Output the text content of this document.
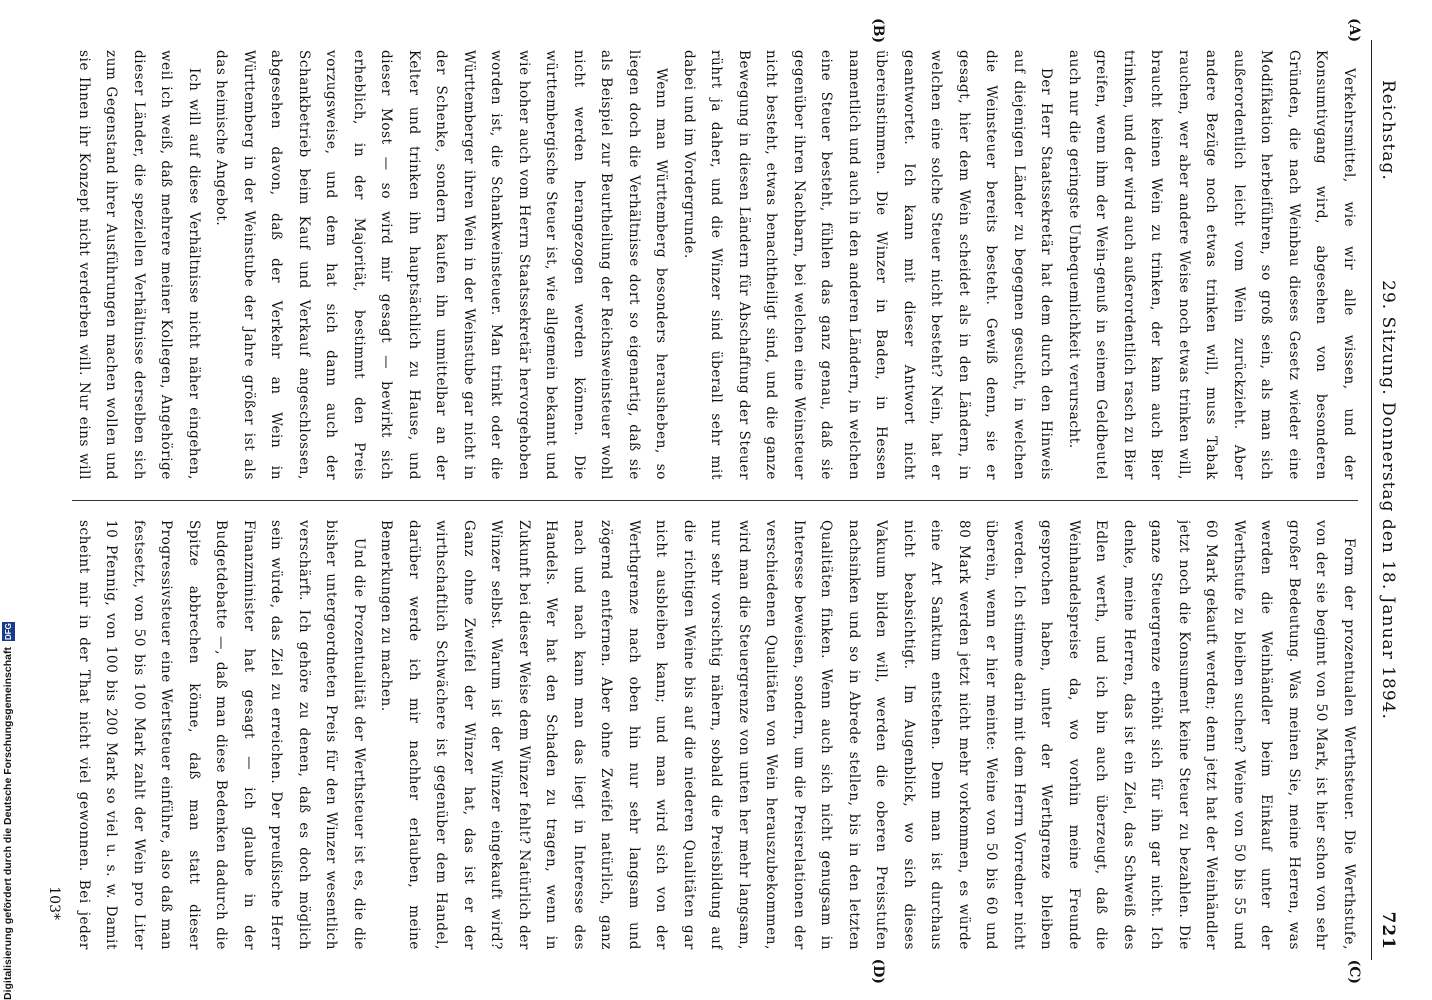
Digitalisierung gefördert durch die Deutsche Forschungsgemeinschaft
DFG
Reichstag.
29. Sitzung. Donnerstag den 18. Januar 1894.
721

Verkehrsmittel, wie wir alle wissen, und der Konsumtivgang wird, abgesehen von besonderen Gründen, die nach Weinbau dieses Gesetz wieder eine Modifikation herbeiführen, so groß sein, als man sich außerordentlich leicht vom Wein zurückzieht. Aber andere Bezüge noch etwas trinken will, muss Tabak rauchen, wer aber andere Weise noch etwas trinken will, braucht keinen Wein zu trinken, der kann auch Bier trinken, und der wird auch außerordentlich rasch zu Bier greifen, wenn ihm der Wein-genuß in seinem Geldbeutel auch nur die geringste Unbequemlichkeit verursacht.

Der Herr Staatssekretär hat dem durch den Hinweis auf diejenigen Länder zu begegnen gesucht, in welchen die Weinsteuer bereits besteht. Gewiß denn, sie er gesagt, hier dem Wein scheidet als in den Ländern, in welchen eine solche Steuer nicht besteht? Nein, hat er geantwortet. Ich kann mit dieser Antwort nicht übereinstimmen. Die Winzer in Baden, in Hessen namentlich und auch in den anderen Ländern, in welchen eine Steuer besteht, fühlen das ganz genau, daß sie gegenüber ihren Nachbarn, bei welchen eine Weinsteuer nicht besteht, etwas benachtheiligt sind, und die ganze Bewegung in diesen Ländern für Abschaffung der Steuer rührt ja daher, und die Winzer sind überall sehr mit dabei und im Vordergrunde.

Wenn man Württemberg besonders herausheben, so liegen doch die Verhältnisse dort so eigenartig, daß sie als Beispiel zur Beurtheilung der Reichsweinsteuer wohl nicht werden herangezogen werden können. Die württembergische Steuer ist, wie allgemein bekannt und wie hoher auch vom Herrn Staatssekretär hervorgehoben worden ist, die Schankweinsteuer. Man trinkt oder die Württemberger ihren Wein in der Weinstube gar nicht in der Schenke, sondern kaufen ihn unmittelbar an der Kelter und trinken ihn hauptsächlich zu Hause, und dieser Most — so wird mir gesagt — bewirkt sich erheblich, in der Majorität, bestimmt den Preis vorzugsweise, und dem hat sich dann auch der Schankbetrieb beim Kauf und Verkauf angeschlossen, abgesehen davon, daß der Verkehr an Wein in Württemberg in der Weinstube der Jahre größer ist als das heimische Angebot.

Ich will auf diese Verhältnisse nicht näher eingehen, weil ich weiß, daß mehrere meiner Kollegen, Angehörige dieser Länder, die speziellen Verhältnisse derselben sich zum Gegenstand ihrer Ausführungen machen wollen und sie Ihnen ihr Konzept nicht verderben will. Nur eins will

Form der prozentualen Werthsteuer. Die Werthstufe, von der sie beginnt von 50 Mark, ist hier schon von sehr großer Bedeutung. Was meinen Sie, meine Herren, was werden die Weinhändler beim Einkauf unter der Werthstufe zu bleiben suchen? Weine von 50 bis 55 und 60 Mark gekauft werden; denn jetzt hat der Weinhändler jetzt noch die Konsument keine Steuer zu bezahlen. Die ganze Steuergrenze erhöht sich für ihn gar nicht. Ich denke, meine Herren, das ist ein Ziel, das Schweiß des Edlen werth, und ich bin auch überzeugt, daß die Weinhandelspreise da, wo vorhin meine Freunde gesprochen haben, unter der Werthgrenze bleiben werden. Ich stimme darin mit dem Herrn Vorredner nicht überein, wenn er hier meinte: Weine von 50 bis 60 und 80 Mark werden jetzt nicht mehr vorkommen, es würde eine Art Sanktum entstehen. Denn man ist durchaus nicht beabsichtigt. Im Augenblick, wo sich dieses Vakuum bilden will, werden die oberen Preisstufen nachsinken und so in Abrede stellen, bis in den letzten Qualitäten finken. Wenn auch sich nicht genugsam in Interesse beweisen, sondern, um die Preisrelationen der verschiedenen Qualitäten von Wein herauszubekommen, wird man die Steuergrenze von unten her mehr langsam, nur sehr vorsichtig nähern, sobald die Preisbildung auf die richtigen Weine bis auf die niederen Qualitäten gar nicht ausbleiben kann; und man wird sich von der Werthgrenze nach oben hin nur sehr langsam und zögernd entfernen. Aber ohne Zweifel natürlich, ganz nach und nach kann man das liegt in Interesse des Handels. Wer hat den Schaden zu tragen, wenn in Zukunft bei dieser Weise dem Winzer fehlt? Natürlich der Winzer selbst. Warum ist der Winzer eingekauft wird? Ganz ohne Zweifel der Winzer hat, das ist er der wirthschaftlich Schwächere ist gegenüber dem Handel, darüber werde ich mir nachher erlauben, meine Bemerkungen zu machen.

Und die Prozentualität der Werthsteuer ist es, die die bisher untergeordneten Preis für den Winzer wesentlich verschärft. Ich gehöre zu denen, daß es doch möglich sein würde, das Ziel zu erreichen. Der preußische Herr Finanzminister hat gesagt — ich glaube in der Budgetdebatte —, daß man diese Bedenken dadurch die Spitze abbrechen könne, daß man statt dieser Progressivsteuer eine Wertsteuer einführe, also daß man festsetzt, von 50 bis 100 Mark zahlt der Wein pro Liter 10 Pfennig, von 100 bis 200 Mark so viel u. s. w. Damit scheint mir in der That nicht viel gewonnen. Bei jeder

(A)
(B)
(C)
(D)
103*
